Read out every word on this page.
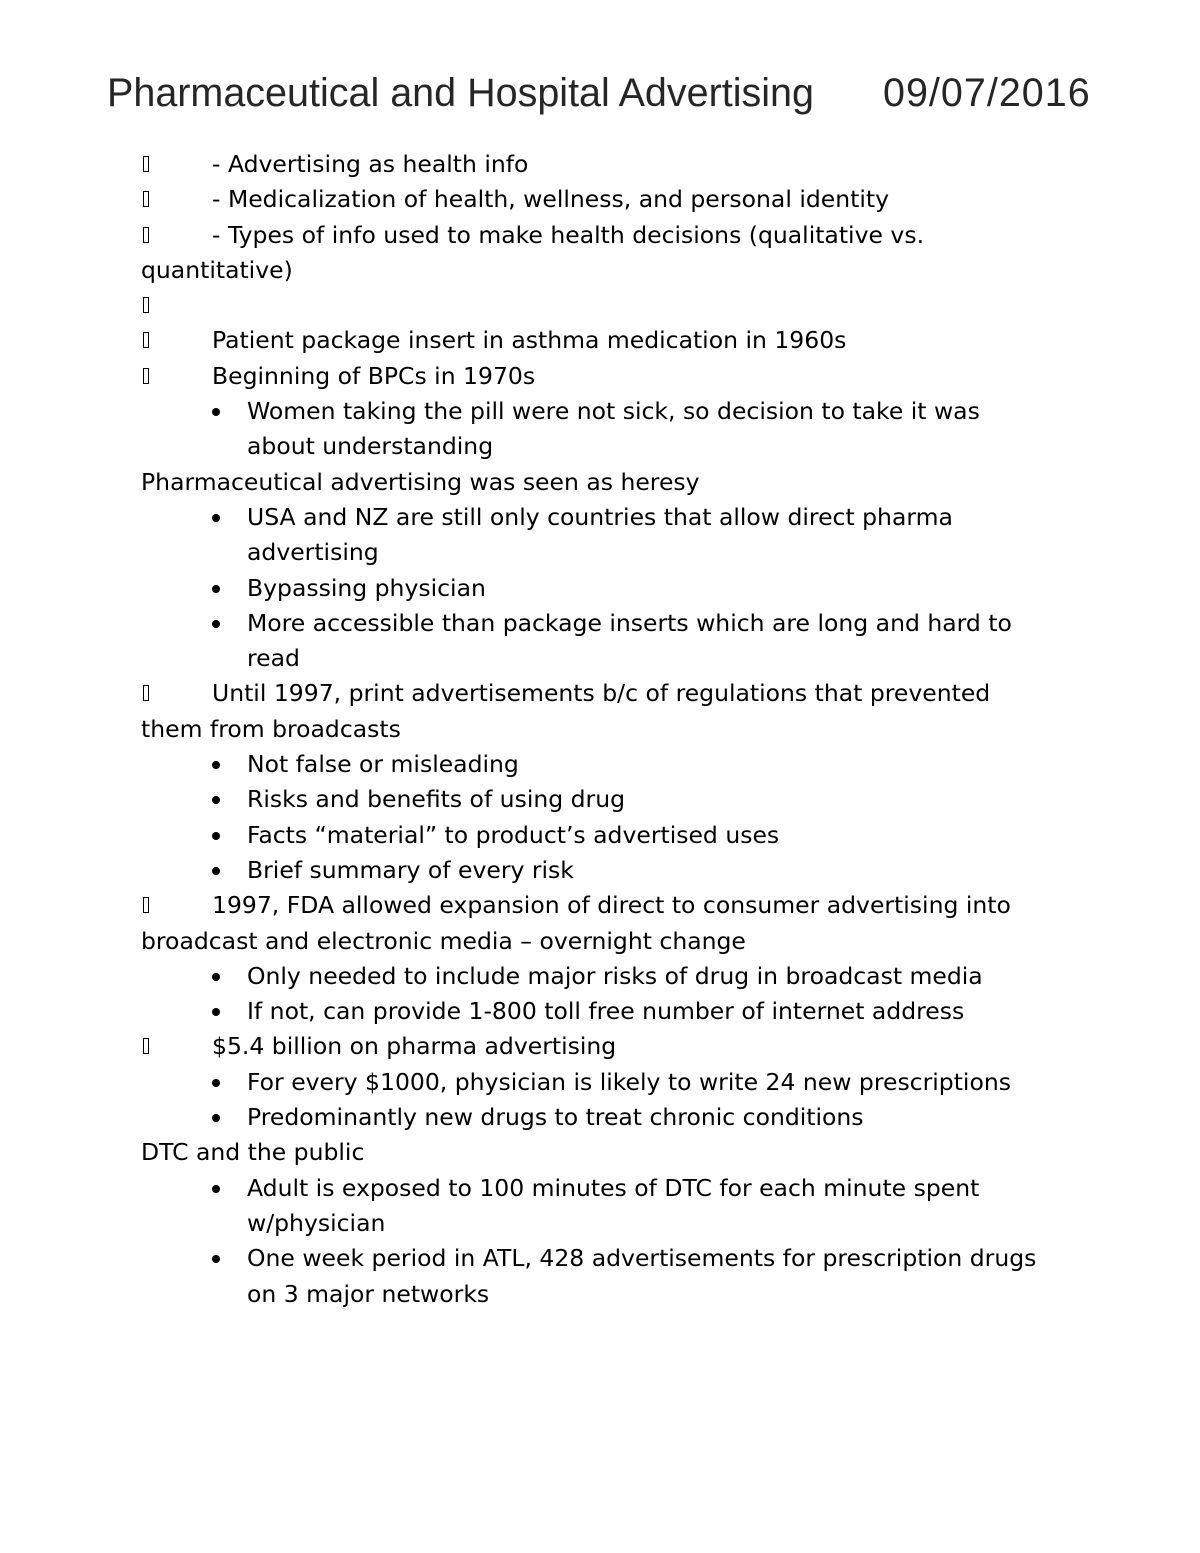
Pharmaceutical and Hospital Advertising 09/07/2016
- Advertising as health info
- Medicalization of health, wellness, and personal identity
- Types of info used to make health decisions (qualitative vs.
quantitative)
Patient package insert in asthma medication in 1960s
Beginning of BPCs in 1970s
Women taking the pill were not sick, so decision to take it was
about understanding
Pharmaceutical advertising was seen as heresy
USA and NZ are still only countries that allow direct pharma
advertising
Bypassing physician
More accessible than package inserts which are long and hard to
read
Until 1997, print advertisements b/c of regulations that prevented
them from broadcasts
Not false or misleading
Risks and benefits of using drug
Facts “material” to product’s advertised uses
Brief summary of every risk
1997, FDA allowed expansion of direct to consumer advertising into
broadcast and electronic media – overnight change
Only needed to include major risks of drug in broadcast media
If not, can provide 1-800 toll free number of internet address
$5.4 billion on pharma advertising
For every $1000, physician is likely to write 24 new prescriptions
Predominantly new drugs to treat chronic conditions
DTC and the public
Adult is exposed to 100 minutes of DTC for each minute spent
w/physician
One week period in ATL, 428 advertisements for prescription drugs
on 3 major networks
